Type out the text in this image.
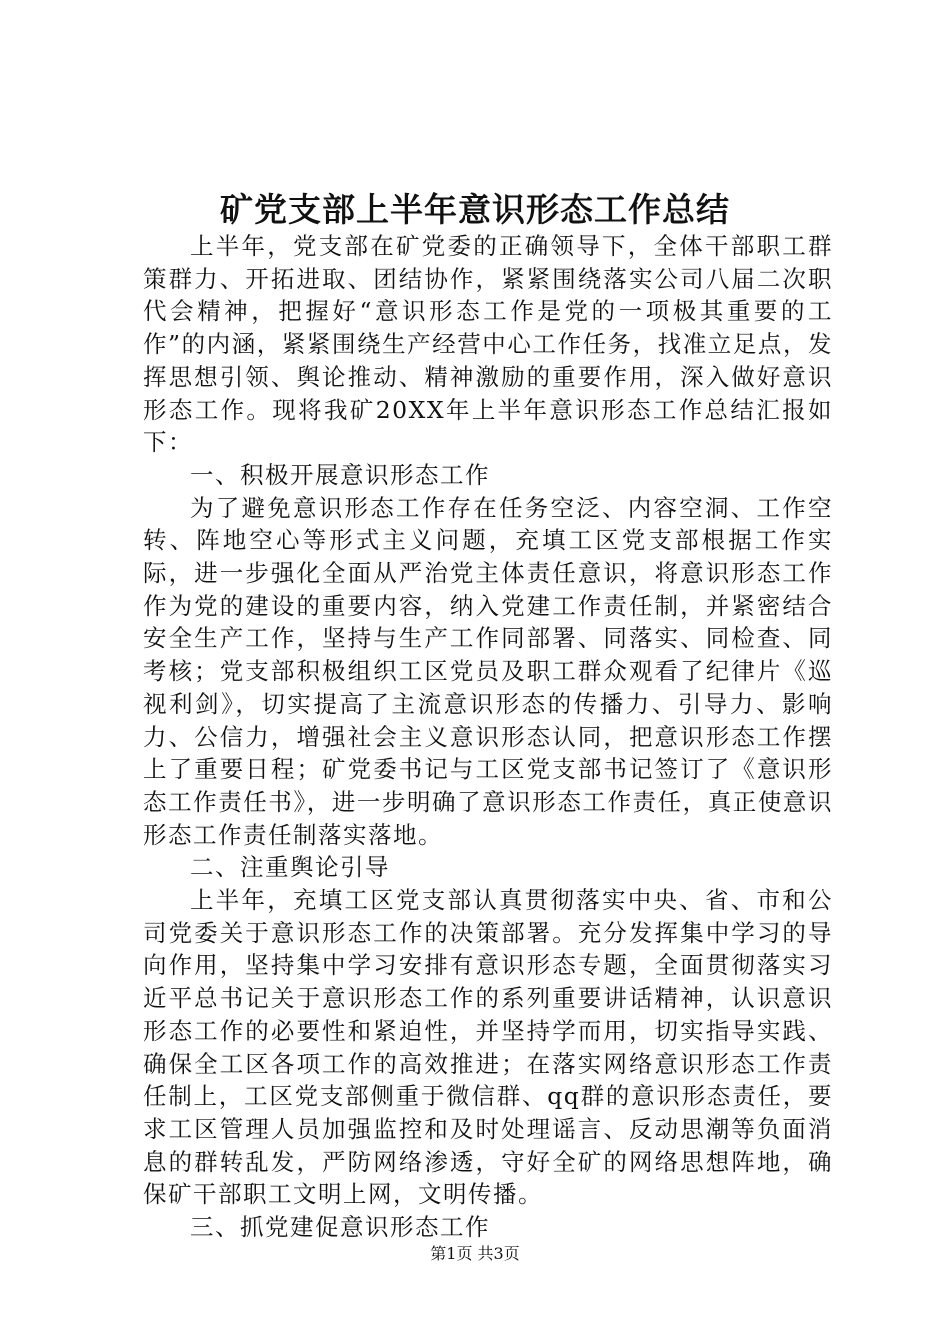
矿党支部上半年意识形态工作总结

上半年，党支部在矿党委的正确领导下，全体干部职工群策群力、开拓进取、团结协作，紧紧围绕落实公司八届二次职代会精神，把握好“意识形态工作是党的一项极其重要的工作”的内涵，紧紧围绕生产经营中心工作任务，找准立足点，发挥思想引领、舆论推动、精神激励的重要作用，深入做好意识形态工作。现将我矿20XX年上半年意识形态工作总结汇报如下：

一、积极开展意识形态工作

为了避免意识形态工作存在任务空泛、内容空洞、工作空转、阵地空心等形式主义问题，充填工区党支部根据工作实际，进一步强化全面从严治党主体责任意识，将意识形态工作作为党的建设的重要内容，纳入党建工作责任制，并紧密结合安全生产工作，坚持与生产工作同部署、同落实、同检查、同考核；党支部积极组织工区党员及职工群众观看了纪律片《巡视利剑》，切实提高了主流意识形态的传播力、引导力、影响力、公信力，增强社会主义意识形态认同，把意识形态工作摆上了重要日程；矿党委书记与工区党支部书记签订了《意识形态工作责任书》，进一步明确了意识形态工作责任，真正使意识形态工作责任制落实落地。

二、注重舆论引导

上半年，充填工区党支部认真贯彻落实中央、省、市和公司党委关于意识形态工作的决策部署。充分发挥集中学习的导向作用，坚持集中学习安排有意识形态专题，全面贯彻落实习近平总书记关于意识形态工作的系列重要讲话精神，认识意识形态工作的必要性和紧迫性，并坚持学而用，切实指导实践、确保全工区各项工作的高效推进；在落实网络意识形态工作责任制上，工区党支部侧重于微信群、qq群的意识形态责任，要求工区管理人员加强监控和及时处理谣言、反动思潮等负面消息的群转乱发，严防网络渗透，守好全矿的网络思想阵地，确保矿干部职工文明上网，文明传播。

三、抓党建促意识形态工作

第1页 共3页
